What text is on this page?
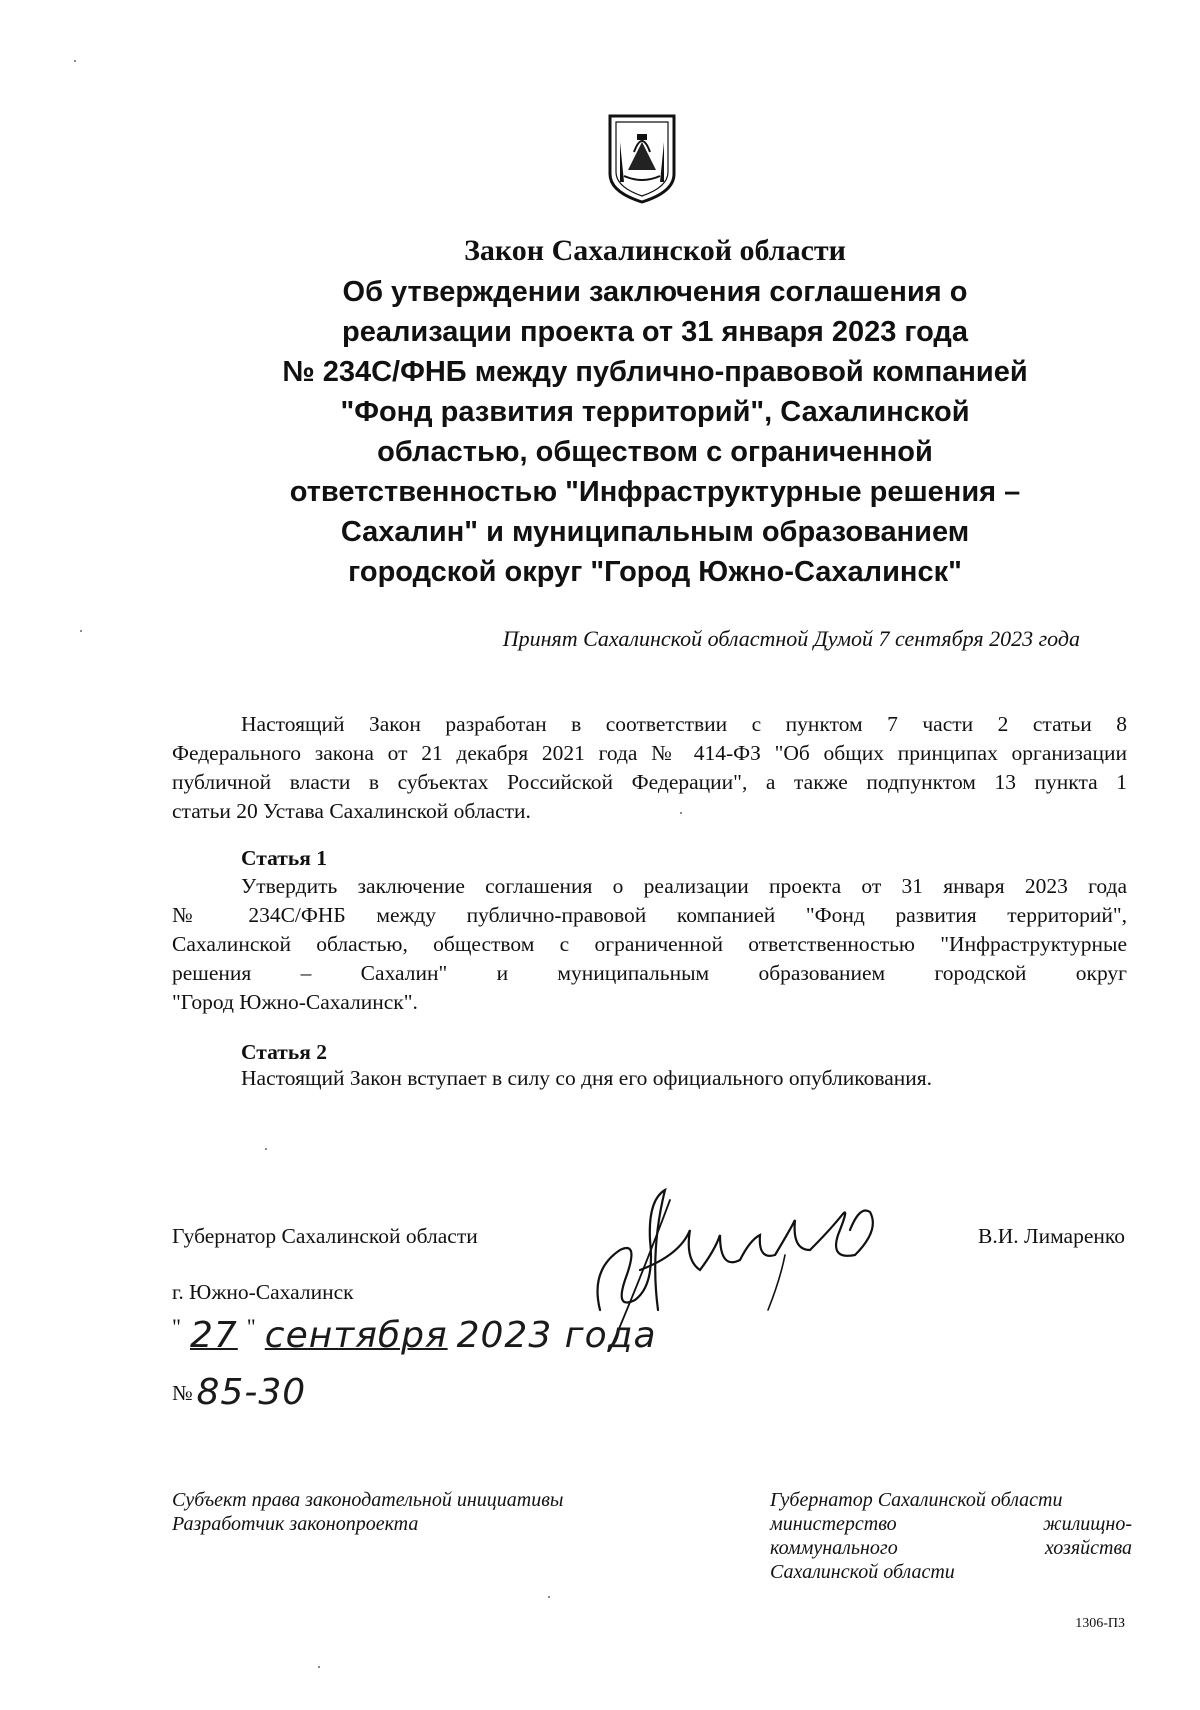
Закон Сахалинской области
Об утверждении заключения соглашения о
реализации проекта от 31 января 2023 года
№ 234С/ФНБ между публично-правовой компанией
"Фонд развития территорий", Сахалинской
областью, обществом с ограниченной
ответственностью "Инфраструктурные решения –
Сахалин" и муниципальным образованием
городской округ "Город Южно-Сахалинск"
Принят Сахалинской областной Думой 7 сентября 2023 года
Настоящий Закон разработан в соответствии с пунктом 7 части 2 статьи 8
Федерального закона от 21 декабря 2021 года № 414-ФЗ "Об общих принципах организации
публичной власти в субъектах Российской Федерации", а также подпунктом 13 пункта 1
статьи 20 Устава Сахалинской области.
Статья 1
Утвердить заключение соглашения о реализации проекта от 31 января 2023 года
№ 234С/ФНБ между публично-правовой компанией "Фонд развития территорий",
Сахалинской областью, обществом с ограниченной ответственностью "Инфраструктурные
решения – Сахалин" и муниципальным образованием городской округ
"Город Южно-Сахалинск".
Статья 2
Настоящий Закон вступает в силу со дня его официального опубликования.
Губернатор Сахалинской области	В.И. Лимаренко
г. Южно-Сахалинск
" 27 " сентября 2023 года
№ 85-30
Субъект права законодательной инициативы
Разработчик законопроекта
Губернатор Сахалинской области
министерство	жилищно-
коммунального	хозяйства
Сахалинской области
1306-ПЗ
